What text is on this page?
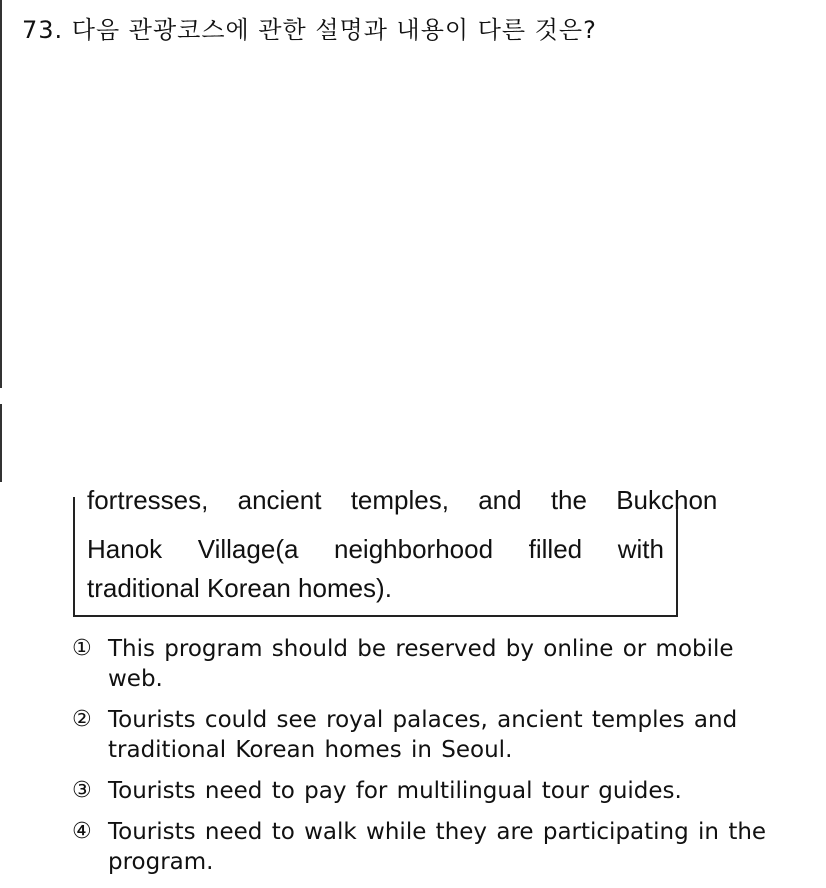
73. 다음 관광코스에 관한 설명과 내용이 다른 것은?
fortresses, ancient temples, and the Bukchon
Hanok Village(a neighborhood filled with
traditional Korean homes).
① This program should be reserved by online or mobile web.
② Tourists could see royal palaces, ancient temples and traditional Korean homes in Seoul.
③ Tourists need to pay for multilingual tour guides.
④ Tourists need to walk while they are participating in the program.
